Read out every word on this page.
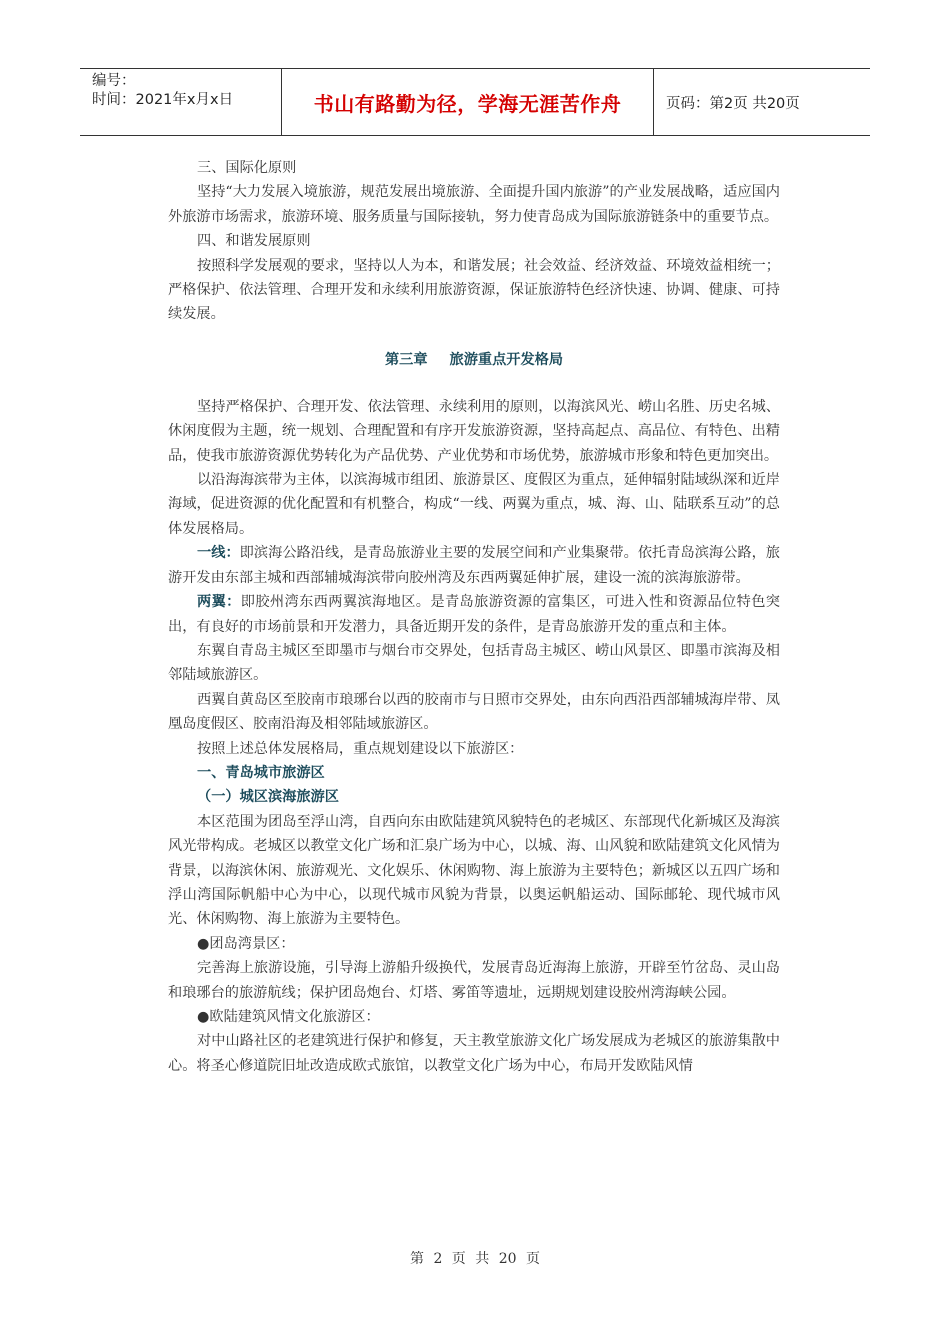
编号：
时间：2021年x月x日	书山有路勤为径，学海无涯苦作舟	页码：第2页 共20页

三、国际化原则

坚持“大力发展入境旅游，规范发展出境旅游、全面提升国内旅游”的产业发展战略，适应国内外旅游市场需求，旅游环境、服务质量与国际接轨，努力使青岛成为国际旅游链条中的重要节点。

四、和谐发展原则

按照科学发展观的要求，坚持以人为本，和谐发展；社会效益、经济效益、环境效益相统一；严格保护、依法管理、合理开发和永续利用旅游资源，保证旅游特色经济快速、协调、健康、可持续发展。

第三章 旅游重点开发格局

坚持严格保护、合理开发、依法管理、永续利用的原则，以海滨风光、崂山名胜、历史名城、休闲度假为主题，统一规划、合理配置和有序开发旅游资源，坚持高起点、高品位、有特色、出精品，使我市旅游资源优势转化为产品优势、产业优势和市场优势，旅游城市形象和特色更加突出。

以沿海海滨带为主体，以滨海城市组团、旅游景区、度假区为重点，延伸辐射陆域纵深和近岸海域，促进资源的优化配置和有机整合，构成“一线、两翼为重点，城、海、山、陆联系互动”的总体发展格局。

一线：即滨海公路沿线，是青岛旅游业主要的发展空间和产业集聚带。依托青岛滨海公路，旅游开发由东部主城和西部辅城海滨带向胶州湾及东西两翼延伸扩展，建设一流的滨海旅游带。

两翼：即胶州湾东西两翼滨海地区。是青岛旅游资源的富集区，可进入性和资源品位特色突出，有良好的市场前景和开发潜力，具备近期开发的条件，是青岛旅游开发的重点和主体。

东翼自青岛主城区至即墨市与烟台市交界处，包括青岛主城区、崂山风景区、即墨市滨海及相邻陆域旅游区。

西翼自黄岛区至胶南市琅琊台以西的胶南市与日照市交界处，由东向西沿西部辅城海岸带、凤凰岛度假区、胶南沿海及相邻陆域旅游区。

按照上述总体发展格局，重点规划建设以下旅游区：

一、青岛城市旅游区

（一）城区滨海旅游区

本区范围为团岛至浮山湾，自西向东由欧陆建筑风貌特色的老城区、东部现代化新城区及海滨风光带构成。老城区以教堂文化广场和汇泉广场为中心，以城、海、山风貌和欧陆建筑文化风情为背景，以海滨休闲、旅游观光、文化娱乐、休闲购物、海上旅游为主要特色；新城区以五四广场和浮山湾国际帆船中心为中心，以现代城市风貌为背景，以奥运帆船运动、国际邮轮、现代城市风光、休闲购物、海上旅游为主要特色。

●团岛湾景区：

完善海上旅游设施，引导海上游船升级换代，发展青岛近海海上旅游，开辟至竹岔岛、灵山岛和琅琊台的旅游航线；保护团岛炮台、灯塔、雾笛等遗址，远期规划建设胶州湾海峡公园。

●欧陆建筑风情文化旅游区：

对中山路社区的老建筑进行保护和修复，天主教堂旅游文化广场发展成为老城区的旅游集散中心。将圣心修道院旧址改造成欧式旅馆，以教堂文化广场为中心，布局开发欧陆风情

第 2 页 共 20 页
